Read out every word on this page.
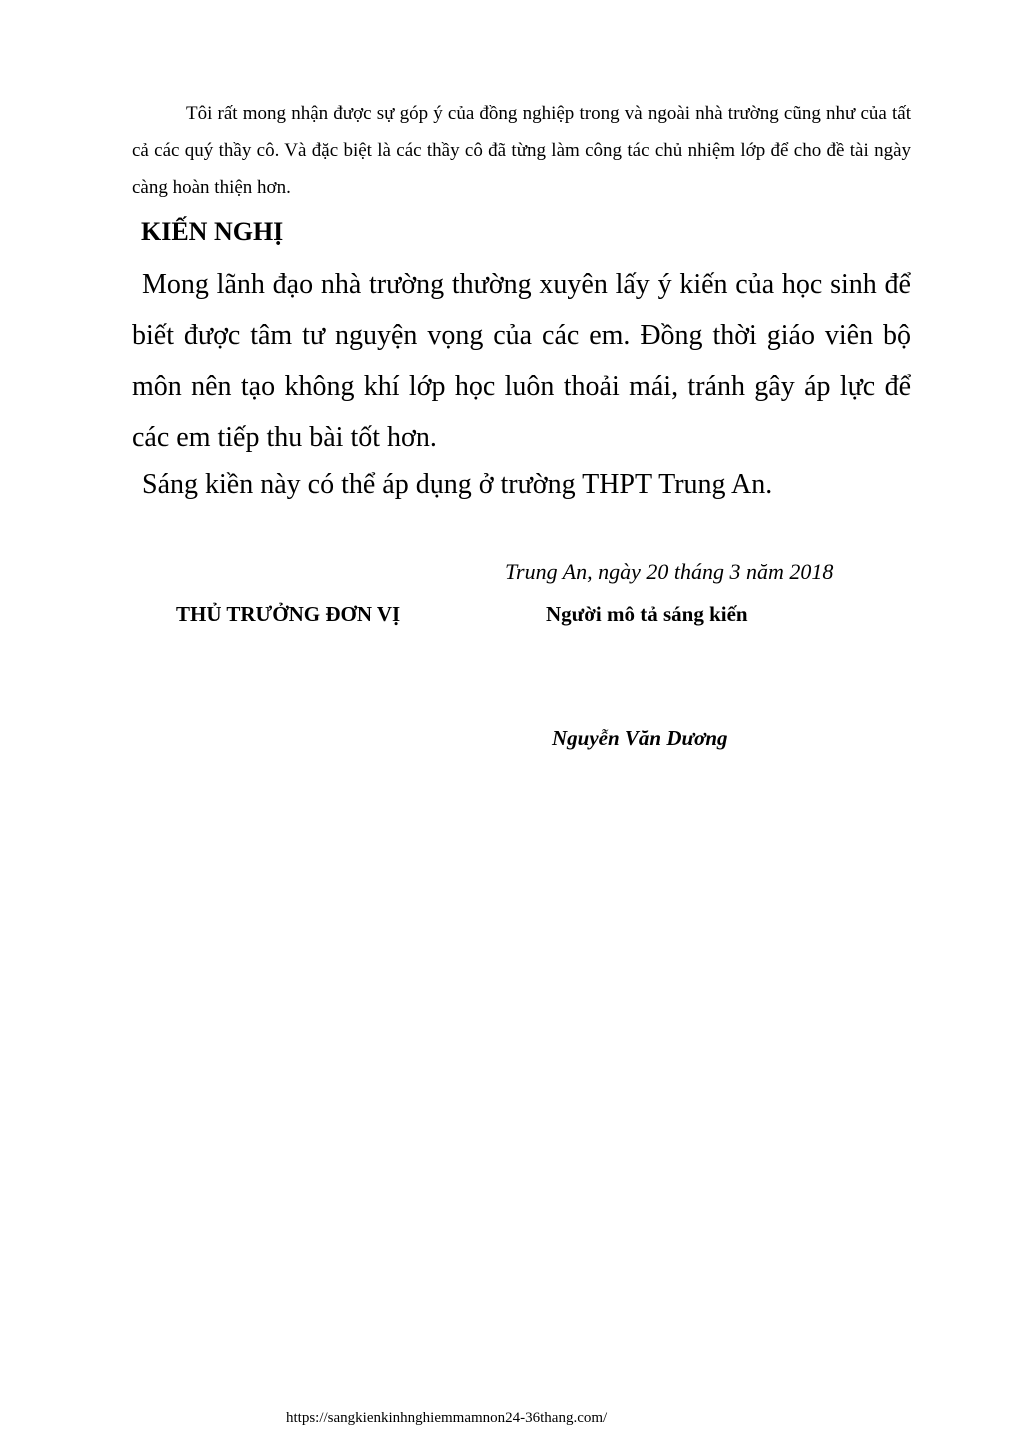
Tôi rất mong nhận được sự góp ý của đồng nghiệp trong và ngoài nhà trường cũng như của tất cả các quý thầy cô. Và đặc biệt là các thầy cô đã từng làm công tác chủ nhiệm lớp để cho đề tài ngày càng hoàn thiện hơn.

KIẾN NGHỊ

Mong lãnh đạo nhà trường thường xuyên lấy ý kiến của học sinh để biết được tâm tư nguyện vọng của các em. Đồng thời giáo viên bộ môn nên tạo không khí lớp học luôn thoải mái, tránh gây áp lực để các em tiếp thu bài tốt hơn.

Sáng kiền này có thể áp dụng ở trường THPT Trung An.

Trung An, ngày 20 tháng 3 năm 2018

THỦ TRƯỞNG ĐƠN VỊ	Người mô tả sáng kiến

Nguyễn Văn Dương

https://sangkienkinhnghiemmamnon24-36thang.com/
